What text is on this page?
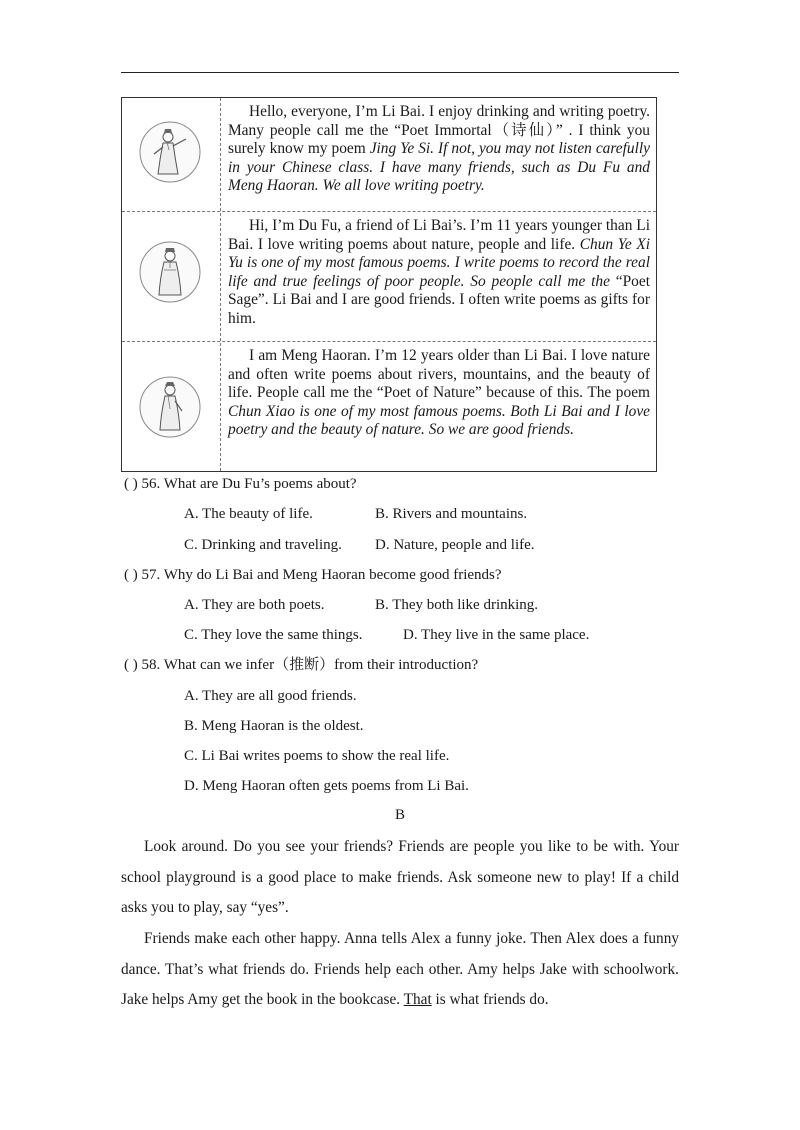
Hello, everyone, I’m Li Bai. I enjoy drinking and writing poetry. Many people call me the “Poet Immortal（诗仙）” . I think you surely know my poem Jing Ye Si. If not, you may not listen carefully in your Chinese class. I have many friends, such as Du Fu and Meng Haoran. We all love writing poetry.
Hi, I’m Du Fu, a friend of Li Bai’s. I’m 11 years younger than Li Bai. I love writing poems about nature, people and life. Chun Ye Xi Yu is one of my most famous poems. I write poems to record the real life and true feelings of poor people. So people call me the “Poet Sage”. Li Bai and I are good friends. I often write poems as gifts for him.
I am Meng Haoran. I’m 12 years older than Li Bai. I love nature and often write poems about rivers, mountains, and the beauty of life. People call me the “Poet of Nature” because of this. The poem Chun Xiao is one of my most famous poems. Both Li Bai and I love poetry and the beauty of nature. So we are good friends.
( ) 56. What are Du Fu’s poems about?
A. The beauty of life.	B. Rivers and mountains.
C. Drinking and traveling. D. Nature, people and life.
( ) 57. Why do Li Bai and Meng Haoran become good friends?
A. They are both poets.	B. They both like drinking.
C. They love the same things.	D. They live in the same place.
( ) 58. What can we infer（推断）from their introduction?
A. They are all good friends.
B. Meng Haoran is the oldest.
C. Li Bai writes poems to show the real life.
D. Meng Haoran often gets poems from Li Bai.
B
Look around. Do you see your friends? Friends are people you like to be with. Your school playground is a good place to make friends. Ask someone new to play! If a child asks you to play, say “yes”.
Friends make each other happy. Anna tells Alex a funny joke. Then Alex does a funny dance. That’s what friends do. Friends help each other. Amy helps Jake with schoolwork. Jake helps Amy get the book in the bookcase. That is what friends do.
